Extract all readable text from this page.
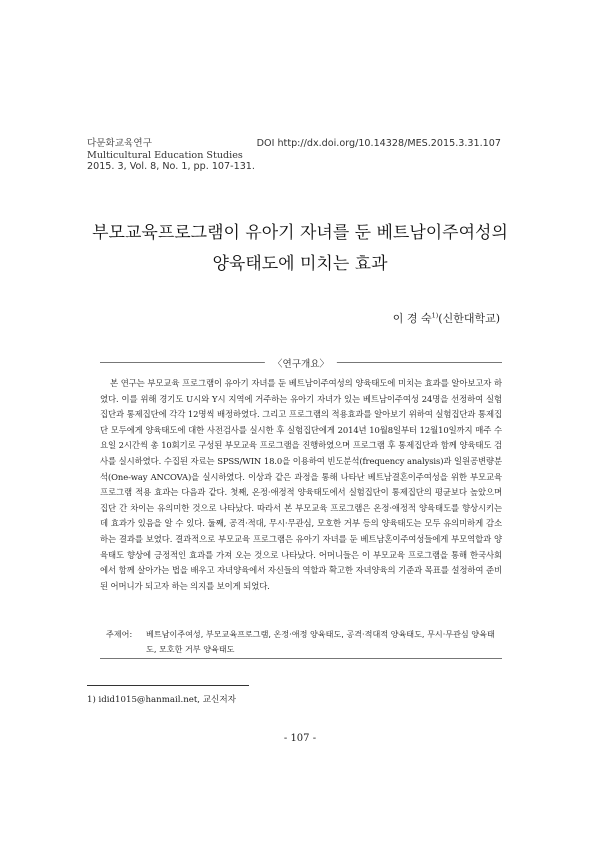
다문화교육연구
Multicultural Education Studies
2015. 3, Vol. 8, No. 1, pp. 107-131.
DOI http://dx.doi.org/10.14328/MES.2015.3.31.107
부모교육프로그램이 유아기 자녀를 둔 베트남이주여성의
양육태도에 미치는 효과
이 경 숙$^{1)}$(신한대학교)
〈연구개요〉
본 연구는 부모교육 프로그램이 유아기 자녀를 둔 베트남이주여성의 양육태도에 미치는 효과를 알아보고자 하였다. 이를 위해 경기도 U시와 Y시 지역에 거주하는 유아기 자녀가 있는 베트남이주여성 24명을 선정하여 실험집단과 통제집단에 각각 12명씩 배정하였다. 그리고 프로그램의 적용효과를 알아보기 위하여 실험집단과 통제집단 모두에게 양육태도에 대한 사전검사를 실시한 후 실험집단에게 2014년 10월8일부터 12월10일까지 매주 수요일 2시간씩 총 10회기로 구성된 부모교육 프로그램을 진행하였으며 프로그램 후 통제집단과 함께 양육태도 검사를 실시하였다. 수집된 자료는 SPSS/WIN 18.0을 이용하여 빈도분석(frequency analysis)과 일원공변량분석(One-way ANCOVA)을 실시하였다. 이상과 같은 과정을 통해 나타난 베트남결혼이주여성을 위한 부모교육 프로그램 적용 효과는 다음과 같다. 첫째, 온정·애정적 양육태도에서 실험집단이 통제집단의 평균보다 높았으며 집단 간 차이는 유의미한 것으로 나타났다. 따라서 본 부모교육 프로그램은 온정·애정적 양육태도를 향상시키는 데 효과가 있음을 알 수 있다. 둘째, 공격·적대, 무시·무관심, 모호한 거부 등의 양육태도는 모두 유의미하게 감소하는 결과를 보였다. 결과적으로 부모교육 프로그램은 유아기 자녀를 둔 베트남혼이주여성들에게 부모역할과 양육태도 향상에 긍정적인 효과를 가져 오는 것으로 나타났다. 어머니들은 이 부모교육 프로그램을 통해 한국사회에서 함께 살아가는 법을 배우고 자녀양육에서 자신들의 역할과 확고한 자녀양육의 기준과 목표를 설정하여 준비된 어머니가 되고자 하는 의지를 보이게 되었다.
주제어: 베트남이주여성, 부모교육프로그램, 온정·애정 양육태도, 공격·적대적 양육태도, 무시·무관심 양육태도, 모호한 거부 양육태도
1) idid1015@hanmail.net, 교신저자
- 107 -
